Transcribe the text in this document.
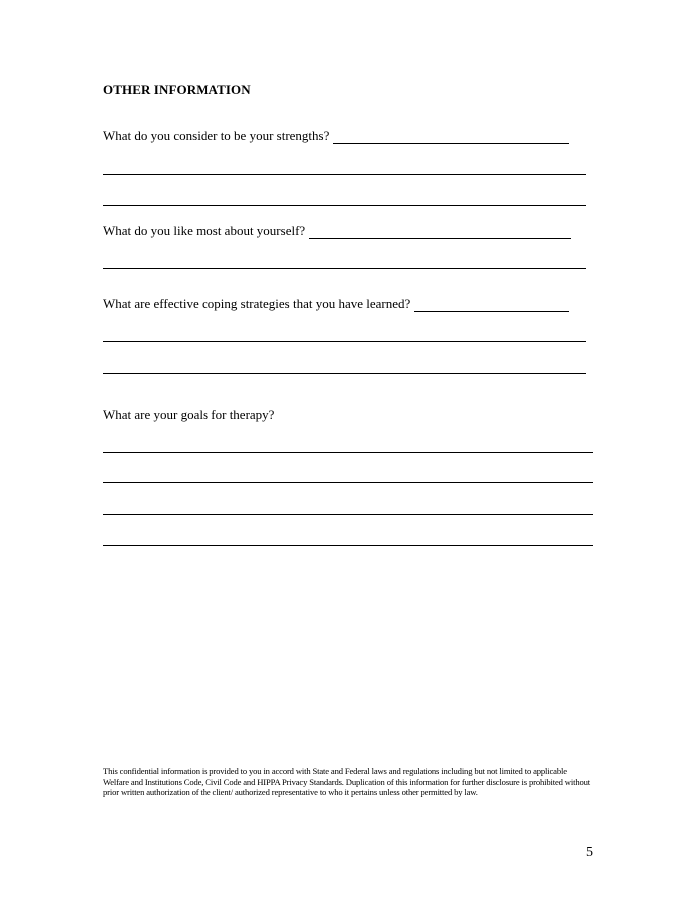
OTHER INFORMATION
What do you consider to be your strengths?
What do you like most about yourself?
What are effective coping strategies that you have learned?
What are your goals for therapy?
This confidential information is provided to you in accord with State and Federal laws and regulations including but not limited to applicable Welfare and Institutions Code, Civil Code and HIPPA Privacy Standards. Duplication of this information for further disclosure is prohibited without prior written authorization of the client/ authorized representative to who it pertains unless other permitted by law.
5
